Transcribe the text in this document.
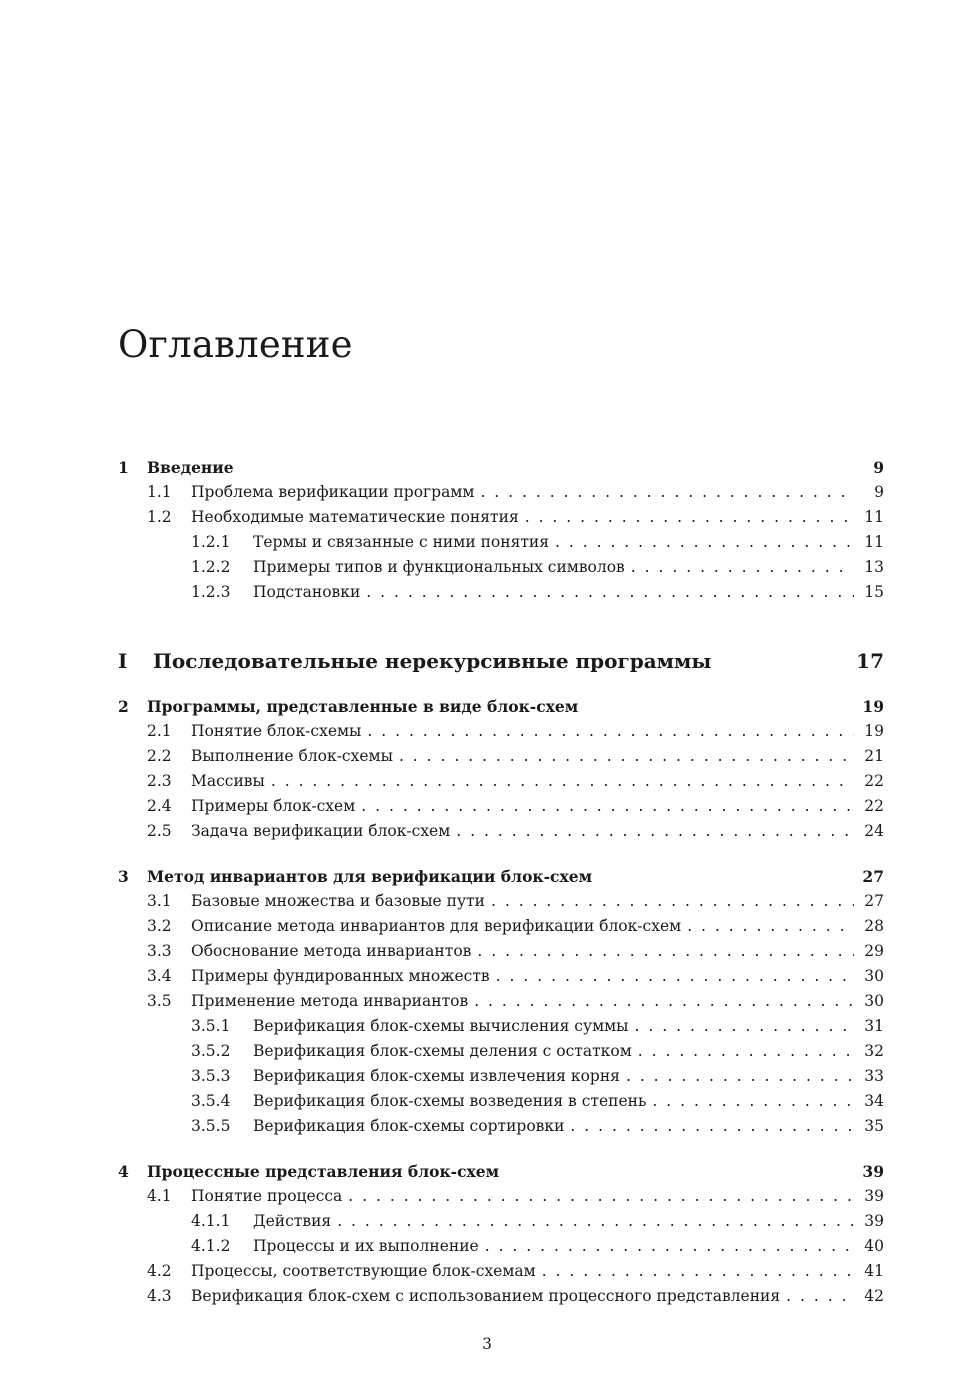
Оглавление
1	Введение	9
1.1	Проблема верификации программ . . .	9
1.2	Необходимые математические понятия . . .	11
1.2.1	Термы и связанные с ними понятия . . .	11
1.2.2	Примеры типов и функциональных символов . . .	13
1.2.3	Подстановки . . .	15
I	Последовательные нерекурсивные программы	17
2	Программы, представленные в виде блок-схем	19
2.1	Понятие блок-схемы . . .	19
2.2	Выполнение блок-схемы . . .	21
2.3	Массивы . . .	22
2.4	Примеры блок-схем . . .	22
2.5	Задача верификации блок-схем . . .	24
3	Метод инвариантов для верификации блок-схем	27
3.1	Базовые множества и базовые пути . . .	27
3.2	Описание метода инвариантов для верификации блок-схем . . .	28
3.3	Обоснование метода инвариантов . . .	29
3.4	Примеры фундированных множеств . . .	30
3.5	Применение метода инвариантов . . .	30
3.5.1	Верификация блок-схемы вычисления суммы . . .	31
3.5.2	Верификация блок-схемы деления с остатком . . .	32
3.5.3	Верификация блок-схемы извлечения корня . . .	33
3.5.4	Верификация блок-схемы возведения в степень . . .	34
3.5.5	Верификация блок-схемы сортировки . . .	35
4	Процессные представления блок-схем	39
4.1	Понятие процесса . . .	39
4.1.1	Действия . . .	39
4.1.2	Процессы и их выполнение . . .	40
4.2	Процессы, соответствующие блок-схемам . . .	41
4.3	Верификация блок-схем с использованием процессного представления . . .	42
3
